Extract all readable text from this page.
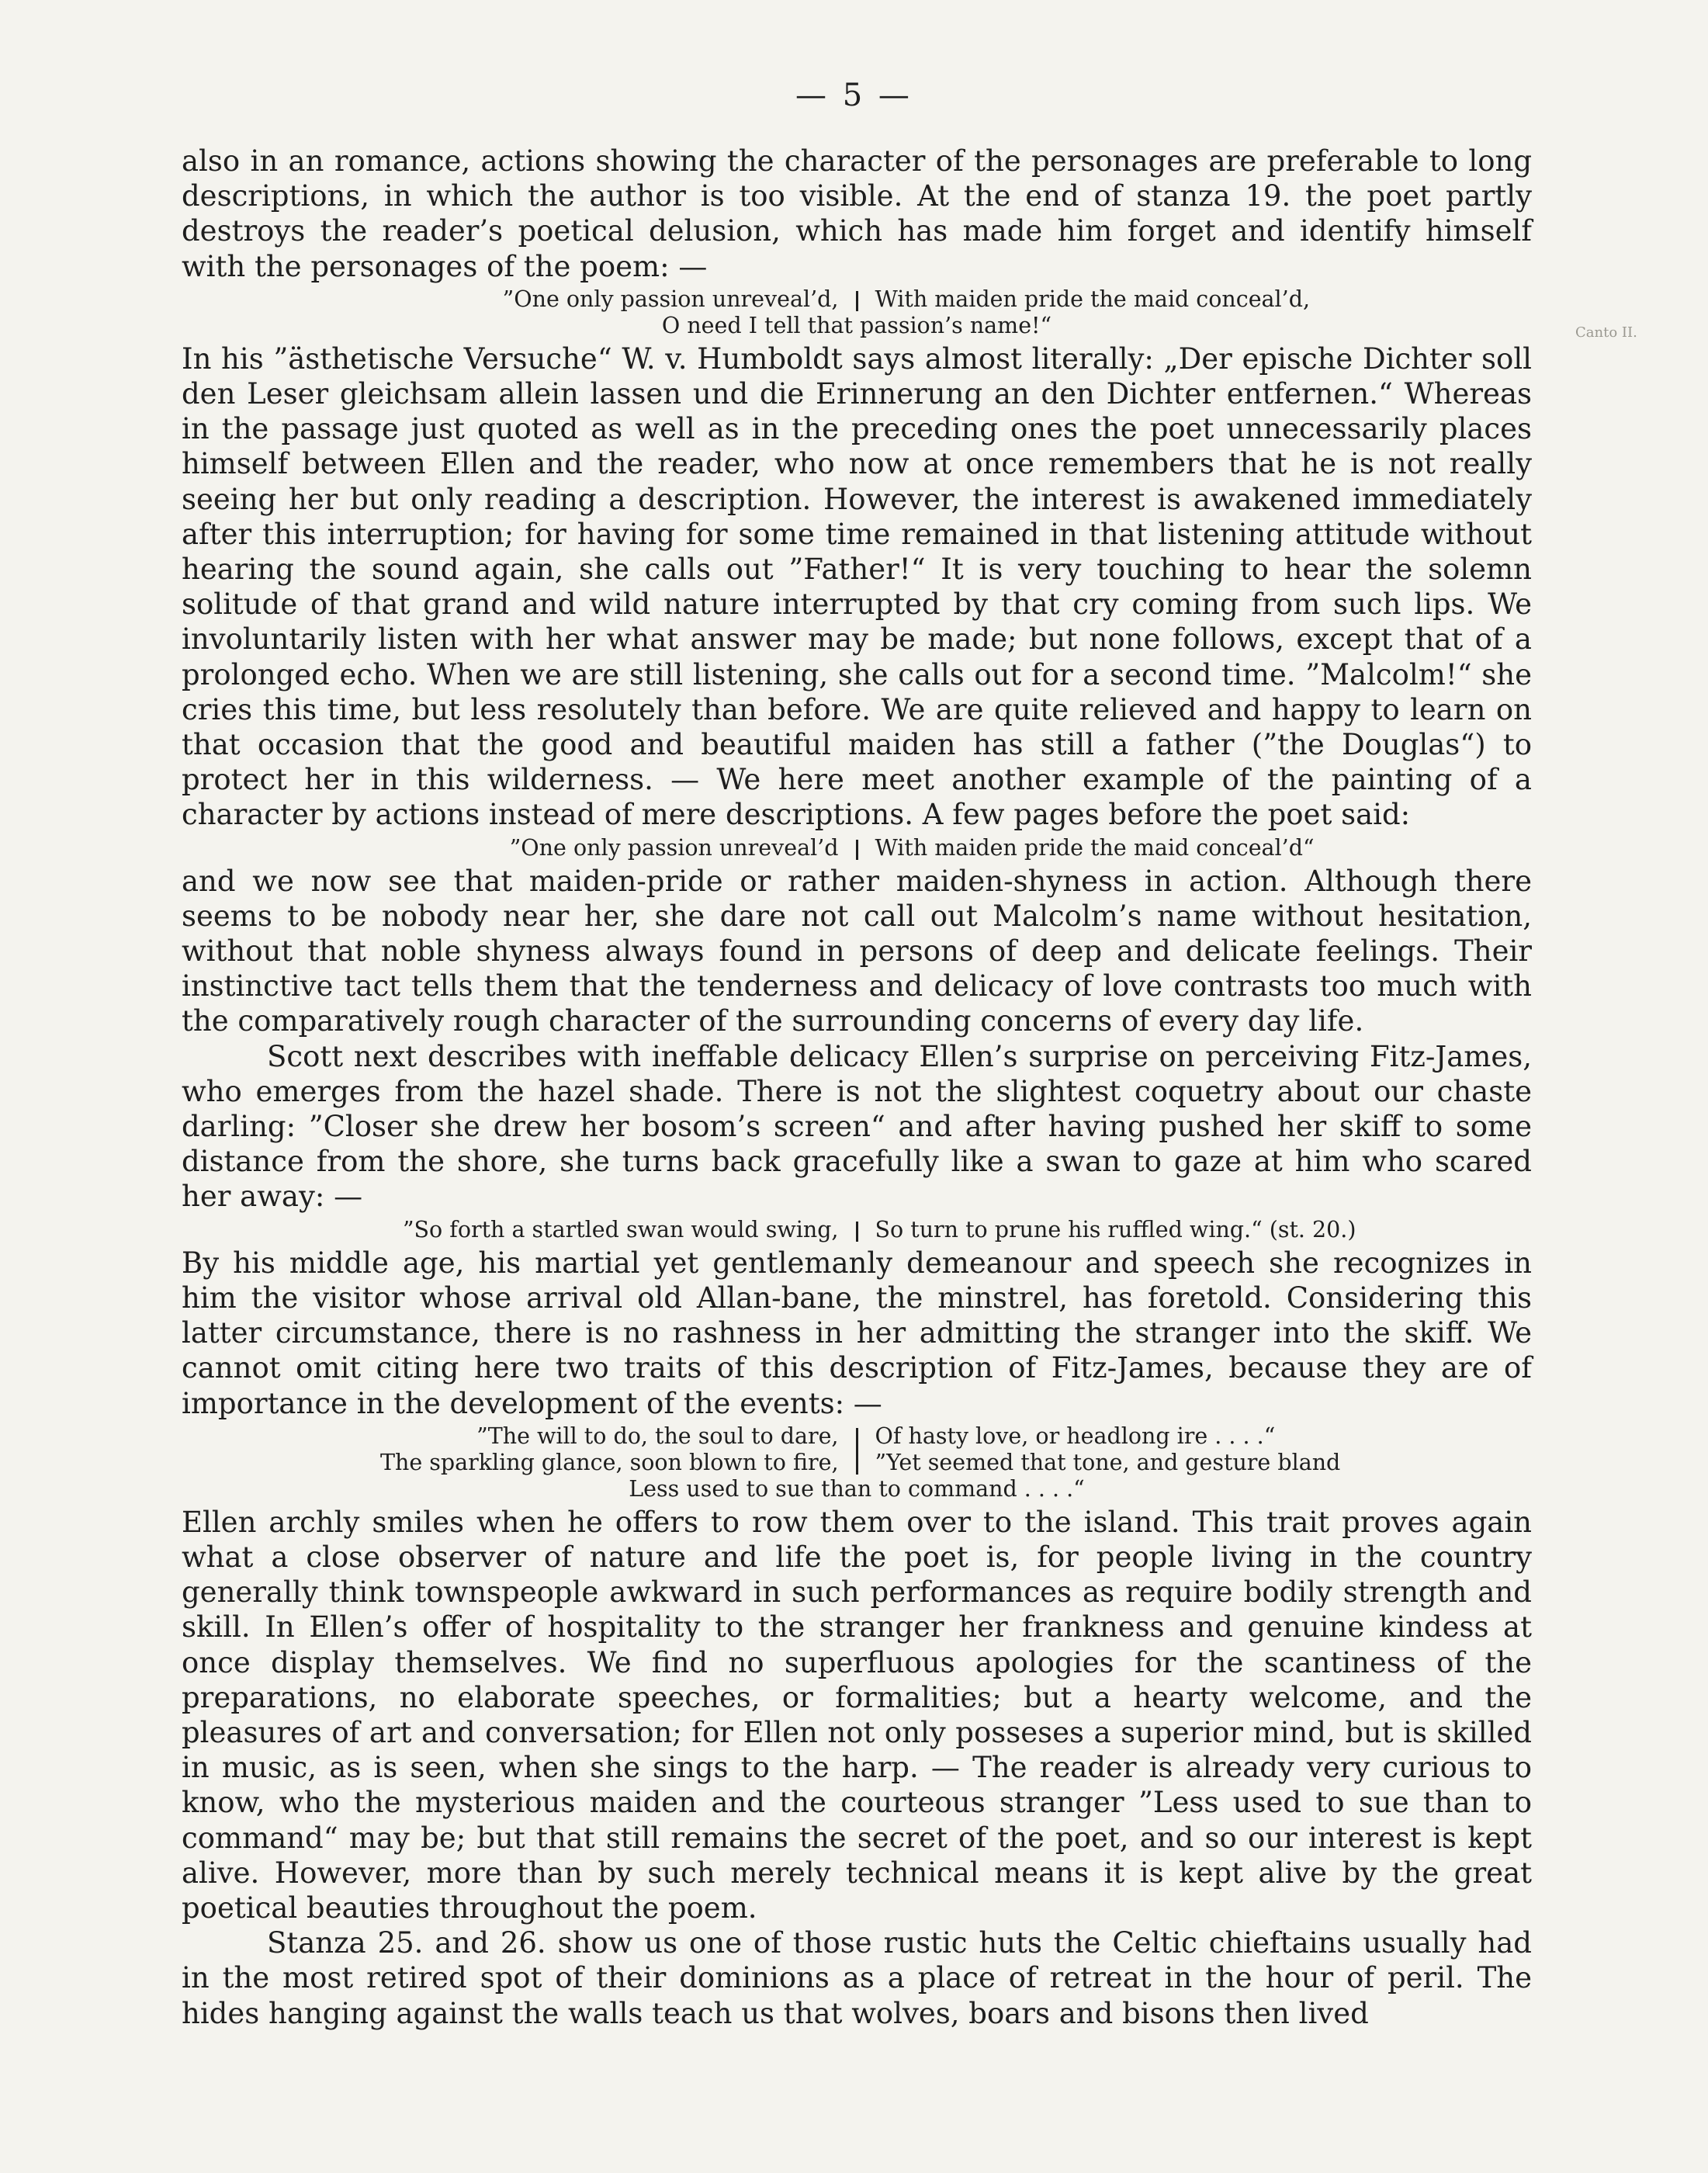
— 5 —
Canto II.

also in an romance, actions showing the character of the personages are preferable to long descriptions, in which the author is too visible. At the end of stanza 19. the poet partly destroys the reader’s poetical delusion, which has made him forget and identify himself with the personages of the poem: —

”One only passion unreveal’d, With maiden pride the maid conceal’d,
O need I tell that passion’s name!“

In his ”ästhetische Versuche“ W. v. Humboldt says almost literally: „Der epische Dichter soll den Leser gleichsam allein lassen und die Erinnerung an den Dichter entfernen.“ Whereas in the passage just quoted as well as in the preceding ones the poet unnecessarily places himself between Ellen and the reader, who now at once remembers that he is not really seeing her but only reading a description. However, the interest is awakened immediately after this interruption; for having for some time remained in that listening attitude without hearing the sound again, she calls out ”Father!“ It is very touching to hear the solemn solitude of that grand and wild nature interrupted by that cry coming from such lips. We involuntarily listen with her what answer may be made; but none follows, except that of a prolonged echo. When we are still listening, she calls out for a second time. ”Malcolm!“ she cries this time, but less resolutely than before. We are quite relieved and happy to learn on that occasion that the good and beautiful maiden has still a father (”the Douglas“) to protect her in this wilderness. — We here meet another example of the painting of a character by actions instead of mere descriptions. A few pages before the poet said:

”One only passion unreveal’d With maiden pride the maid conceal’d“

and we now see that maiden-pride or rather maiden-shyness in action. Although there seems to be nobody near her, she dare not call out Malcolm’s name without hesitation, without that noble shyness always found in persons of deep and delicate feelings. Their instinctive tact tells them that the tenderness and delicacy of love contrasts too much with the comparatively rough character of the surrounding concerns of every day life.

Scott next describes with ineffable delicacy Ellen’s surprise on perceiving Fitz-James, who emerges from the hazel shade. There is not the slightest coquetry about our chaste darling: ”Closer she drew her bosom’s screen“ and after having pushed her skiff to some distance from the shore, she turns back gracefully like a swan to gaze at him who scared her away: —

”So forth a startled swan would swing, So turn to prune his ruffled wing.“ (st. 20.)

By his middle age, his martial yet gentlemanly demeanour and speech she recognizes in him the visitor whose arrival old Allan-bane, the minstrel, has foretold. Considering this latter circumstance, there is no rashness in her admitting the stranger into the skiff. We cannot omit citing here two traits of this description of Fitz-James, because they are of importance in the development of the events: —

”The will to do, the soul to dare,
The sparkling glance, soon blown to fire,
Of hasty love, or headlong ire . . . .“
”Yet seemed that tone, and gesture bland
Less used to sue than to command . . . .“

Ellen archly smiles when he offers to row them over to the island. This trait proves again what a close observer of nature and life the poet is, for people living in the country generally think townspeople awkward in such performances as require bodily strength and skill. In Ellen’s offer of hospitality to the stranger her frankness and genuine kindess at once display themselves. We find no superfluous apologies for the scantiness of the preparations, no elaborate speeches, or formalities; but a hearty welcome, and the pleasures of art and conversation; for Ellen not only posseses a superior mind, but is skilled in music, as is seen, when she sings to the harp. — The reader is already very curious to know, who the mysterious maiden and the courteous stranger ”Less used to sue than to command“ may be; but that still remains the secret of the poet, and so our interest is kept alive. However, more than by such merely technical means it is kept alive by the great poetical beauties throughout the poem.

Stanza 25. and 26. show us one of those rustic huts the Celtic chieftains usually had in the most retired spot of their dominions as a place of retreat in the hour of peril. The hides hanging against the walls teach us that wolves, boars and bisons then lived
